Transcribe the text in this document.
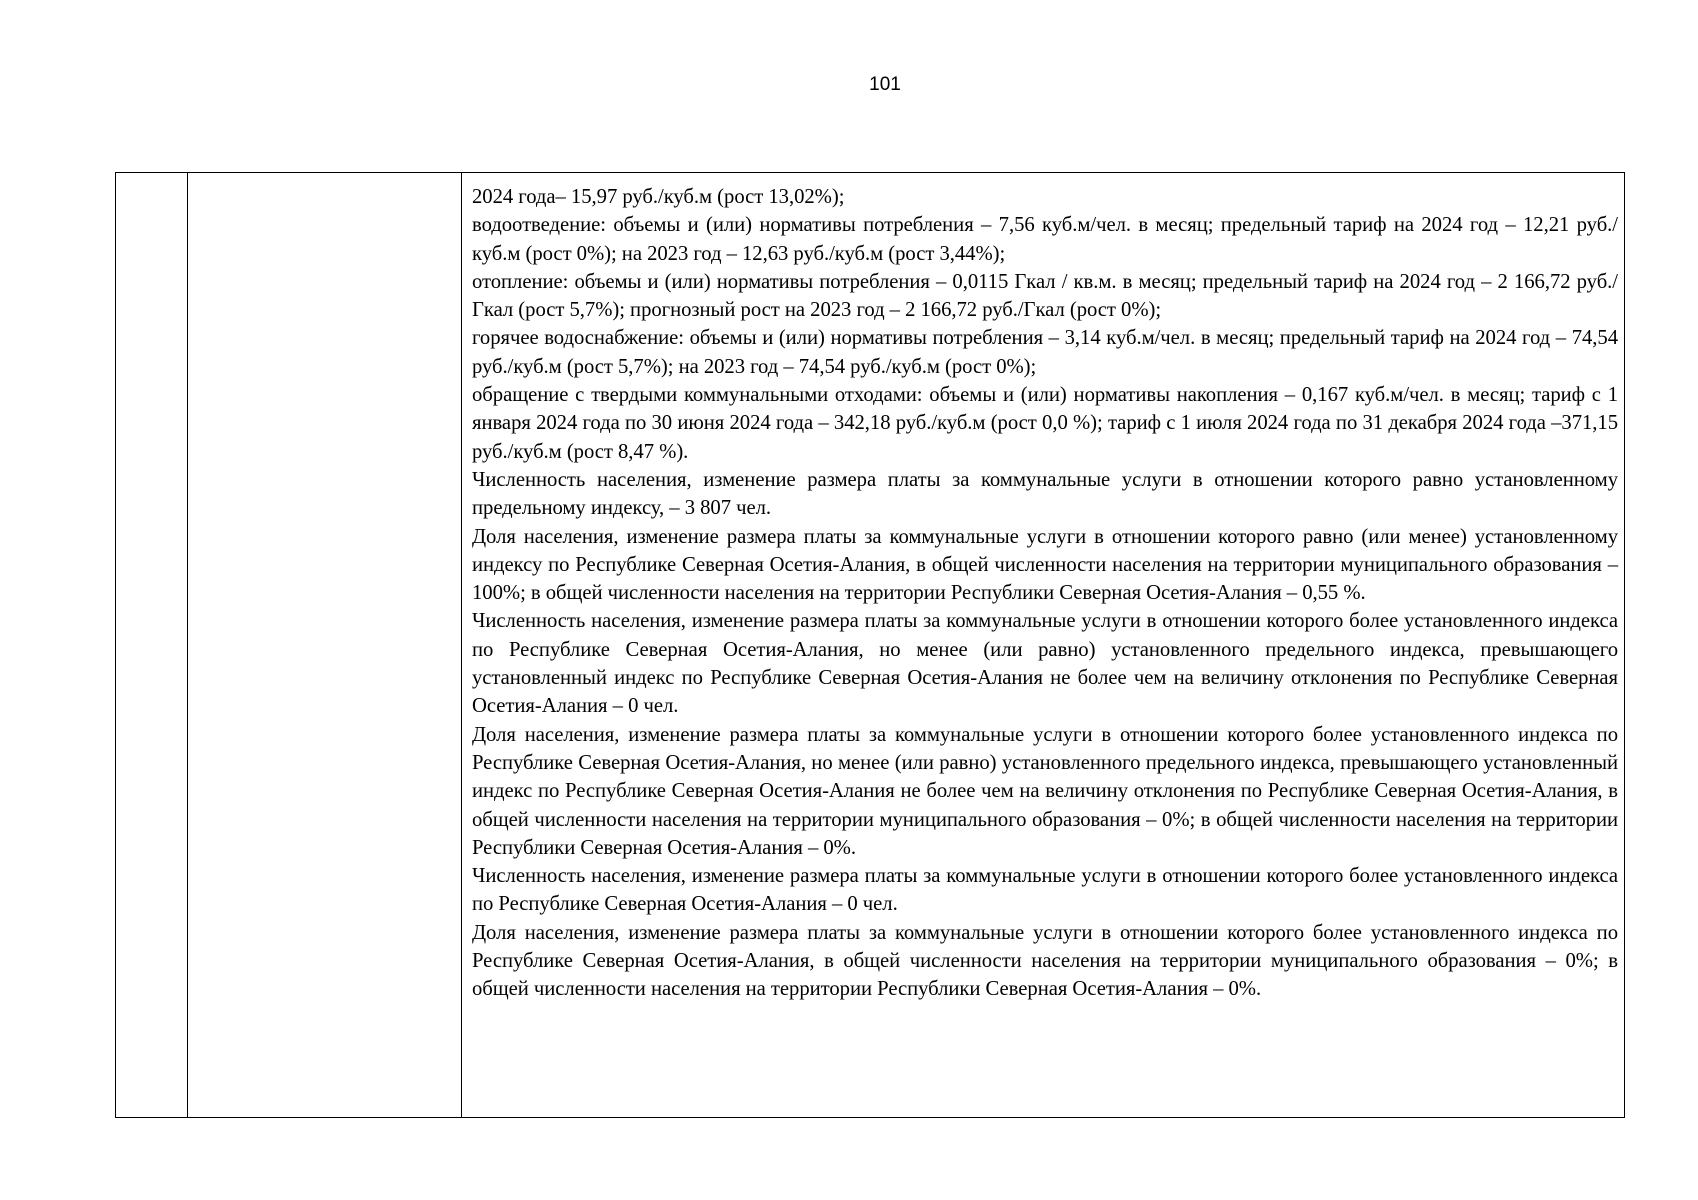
101

2024 года– 15,97 руб./куб.м (рост 13,02%);

водоотведение: объемы и (или) нормативы потребления – 7,56 куб.м/чел. в месяц; предельный тариф на 2024 год – 12,21 руб./куб.м (рост 0%); на 2023 год – 12,63 руб./куб.м (рост 3,44%);

отопление: объемы и (или) нормативы потребления – 0,0115 Гкал / кв.м. в месяц; предельный тариф на 2024 год – 2 166,72 руб./Гкал (рост 5,7%); прогнозный рост на 2023 год – 2 166,72 руб./Гкал (рост 0%);

горячее водоснабжение: объемы и (или) нормативы потребления – 3,14 куб.м/чел. в месяц; предельный тариф на 2024 год – 74,54 руб./куб.м (рост 5,7%); на 2023 год – 74,54 руб./куб.м (рост 0%);

обращение с твердыми коммунальными отходами: объемы и (или) нормативы накопления – 0,167 куб.м/чел. в месяц; тариф с 1 января 2024 года по 30 июня 2024 года – 342,18 руб./куб.м (рост 0,0 %); тариф с 1 июля 2024 года по 31 декабря 2024 года –371,15 руб./куб.м (рост 8,47 %).

Численность населения, изменение размера платы за коммунальные услуги в отношении которого равно установленному предельному индексу, – 3 807 чел.

Доля населения, изменение размера платы за коммунальные услуги в отношении которого равно (или менее) установленному индексу по Республике Северная Осетия-Алания, в общей численности населения на территории муниципального образования – 100%; в общей численности населения на территории Республики Северная Осетия-Алания – 0,55 %.

Численность населения, изменение размера платы за коммунальные услуги в отношении которого более установленного индекса по Республике Северная Осетия-Алания, но менее (или равно) установленного предельного индекса, превышающего установленный индекс по Республике Северная Осетия-Алания не более чем на величину отклонения по Республике Северная Осетия-Алания – 0 чел.

Доля населения, изменение размера платы за коммунальные услуги в отношении которого более установленного индекса по Республике Северная Осетия-Алания, но менее (или равно) установленного предельного индекса, превышающего установленный индекс по Республике Северная Осетия-Алания не более чем на величину отклонения по Республике Северная Осетия-Алания, в общей численности населения на территории муниципального образования – 0%; в общей численности населения на территории Республики Северная Осетия-Алания – 0%.

Численность населения, изменение размера платы за коммунальные услуги в отношении которого более установленного индекса по Республике Северная Осетия-Алания – 0 чел.

Доля населения, изменение размера платы за коммунальные услуги в отношении которого более установленного индекса по Республике Северная Осетия-Алания, в общей численности населения на территории муниципального образования – 0%; в общей численности населения на территории Республики Северная Осетия-Алания – 0%.
